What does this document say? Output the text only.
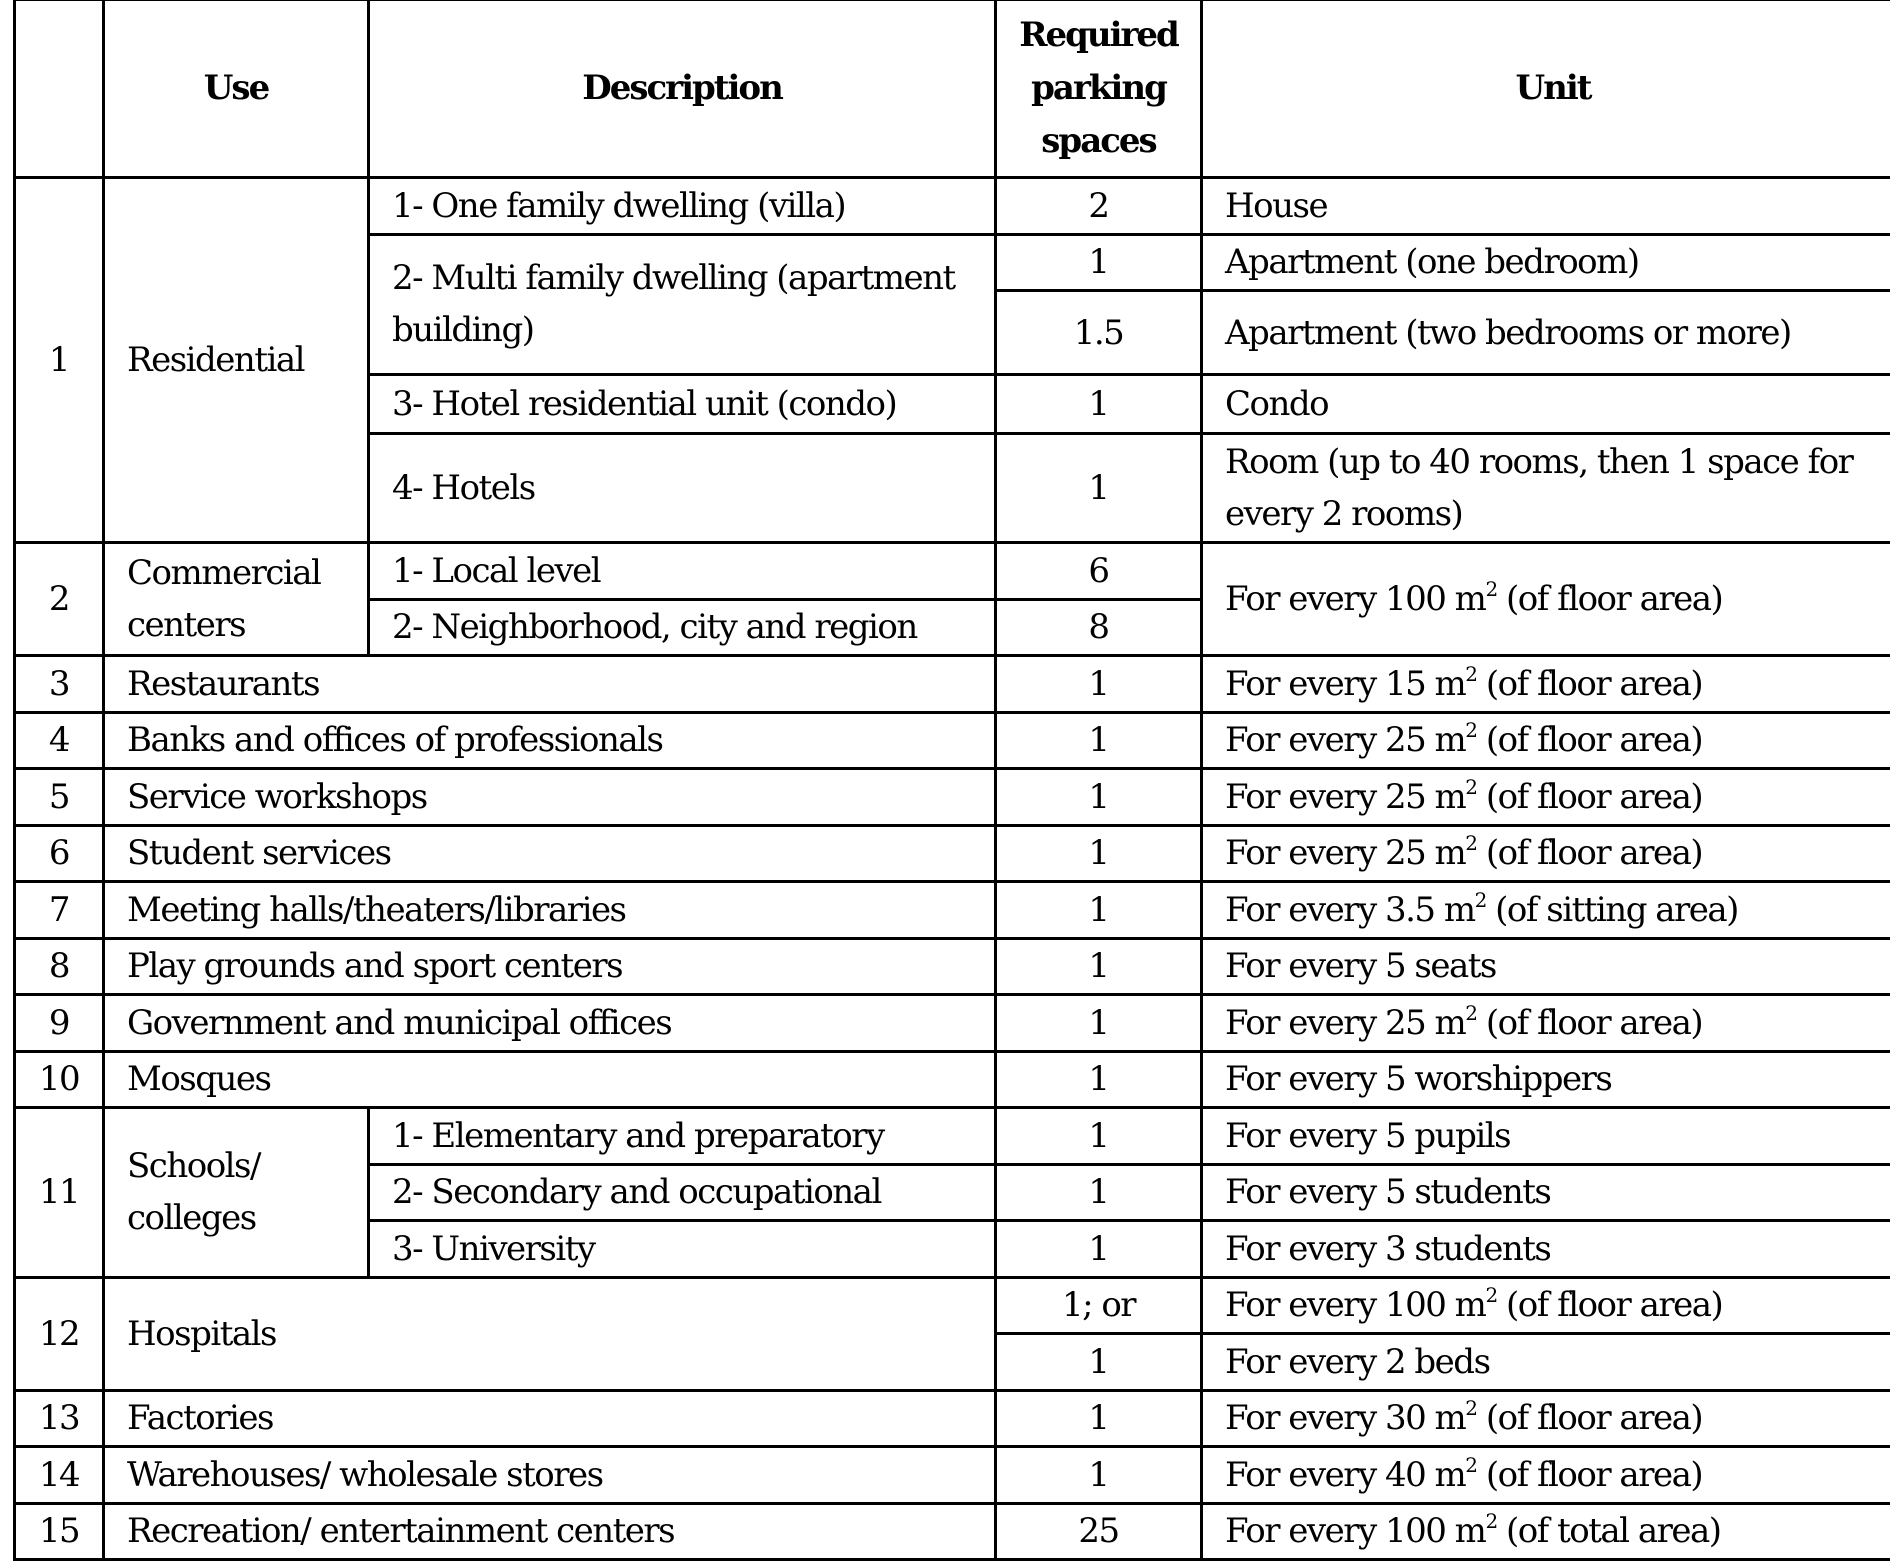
	Use	Description	Required parking spaces	Unit
1	Residential	1- One family dwelling (villa)	2	House
		2- Multi family dwelling (apartment building)	1	Apartment (one bedroom)
			1.5	Apartment (two bedrooms or more)
		3- Hotel residential unit (condo)	1	Condo
		4- Hotels	1	Room (up to 40 rooms, then 1 space for every 2 rooms)
2	Commercial centers	1- Local level	6	For every 100 $m^2$ (of floor area)
		2- Neighborhood, city and region	8	
3	Restaurants		1	For every 15 $m^2$ (of floor area)
4	Banks and offices of professionals		1	For every 25 $m^2$ (of floor area)
5	Service workshops		1	For every 25 $m^2$ (of floor area)
6	Student services		1	For every 25 $m^2$ (of floor area)
7	Meeting halls/theaters/libraries		1	For every 3.5 $m^2$ (of sitting area)
8	Play grounds and sport centers		1	For every 5 seats
9	Government and municipal offices		1	For every 25 $m^2$ (of floor area)
10	Mosques		1	For every 5 worshippers
11	Schools/ colleges	1- Elementary and preparatory	1	For every 5 pupils
		2- Secondary and occupational	1	For every 5 students
		3- University	1	For every 3 students
12	Hospitals		1; or	For every 100 $m^2$ (of floor area)
			1	For every 2 beds
13	Factories		1	For every 30 $m^2$ (of floor area)
14	Warehouses/ wholesale stores		1	For every 40 $m^2$ (of floor area)
15	Recreation/ entertainment centers		25	For every 100 $m^2$ (of total area)
